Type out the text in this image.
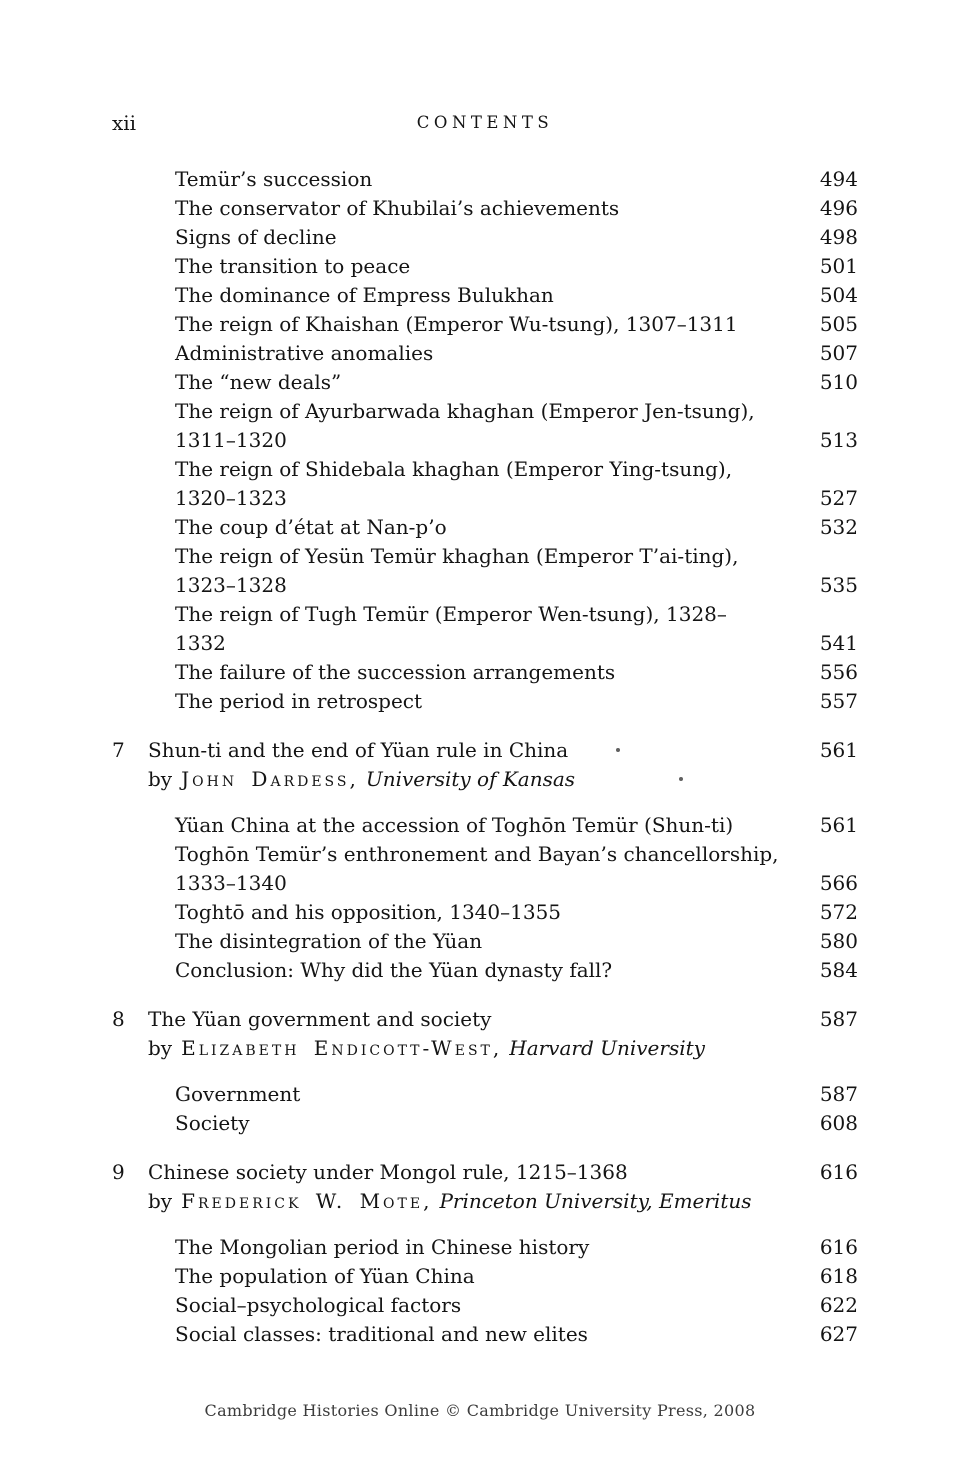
xii	CONTENTS
Temür’s succession	494
The conservator of Khubilai’s achievements	496
Signs of decline	498
The transition to peace	501
The dominance of Empress Bulukhan	504
The reign of Khaishan (Emperor Wu-tsung), 1307–1311	505
Administrative anomalies	507
The “new deals”	510
The reign of Ayurbarwada khaghan (Emperor Jen-tsung),
1311–1320	513
The reign of Shidebala khaghan (Emperor Ying-tsung),
1320–1323	527
The coup d’état at Nan-p’o	532
The reign of Yesün Temür khaghan (Emperor T’ai-ting),
1323–1328	535
The reign of Tugh Temür (Emperor Wen-tsung), 1328–
1332	541
The failure of the succession arrangements	556
The period in retrospect	557
7	Shun-ti and the end of Yüan rule in China	561
by John Dardess, University of Kansas
Yüan China at the accession of Toghōn Temür (Shun-ti)	561
Toghōn Temür’s enthronement and Bayan’s chancellorship,
1333–1340	566
Toghtō and his opposition, 1340–1355	572
The disintegration of the Yüan	580
Conclusion: Why did the Yüan dynasty fall?	584
8	The Yüan government and society	587
by Elizabeth Endicott-West, Harvard University
Government	587
Society	608
9	Chinese society under Mongol rule, 1215–1368	616
by Frederick W. Mote, Princeton University, Emeritus
The Mongolian period in Chinese history	616
The population of Yüan China	618
Social–psychological factors	622
Social classes: traditional and new elites	627
Cambridge Histories Online © Cambridge University Press, 2008
